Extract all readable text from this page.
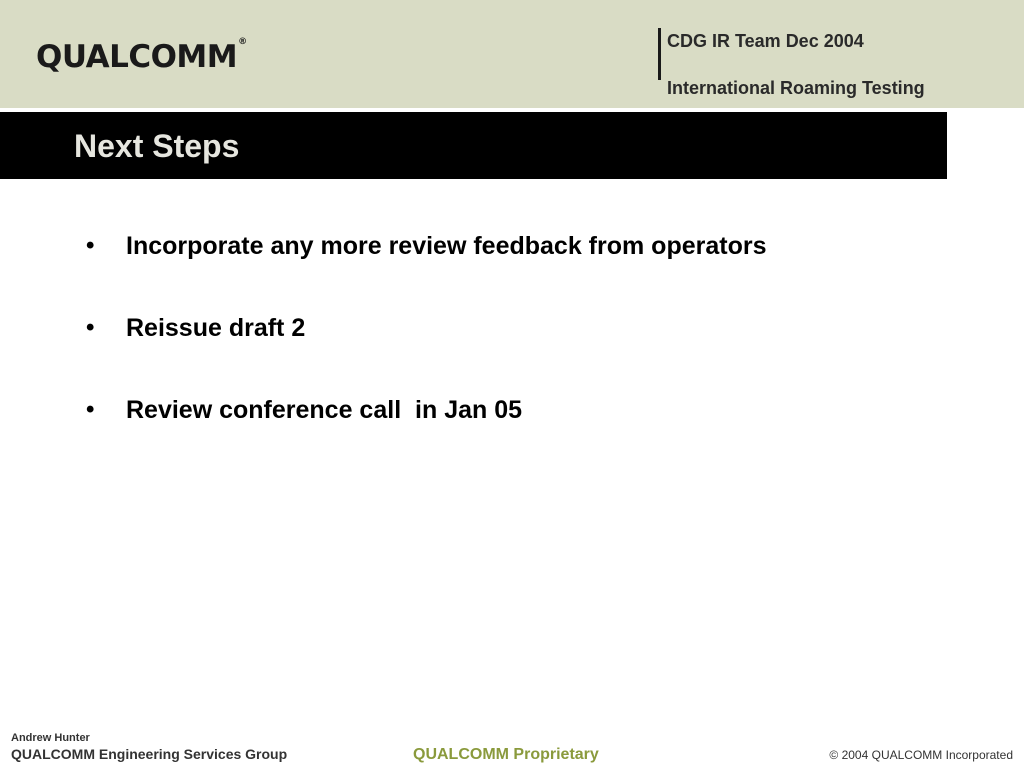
QUALCOMM®	CDG IR Team Dec 2004
International Roaming Testing
Next Steps
•	Incorporate any more review feedback from operators
•	Reissue draft 2
•	Review conference call  in Jan 05
Andrew Hunter
QUALCOMM Engineering Services Group	QUALCOMM Proprietary	© 2004 QUALCOMM Incorporated
